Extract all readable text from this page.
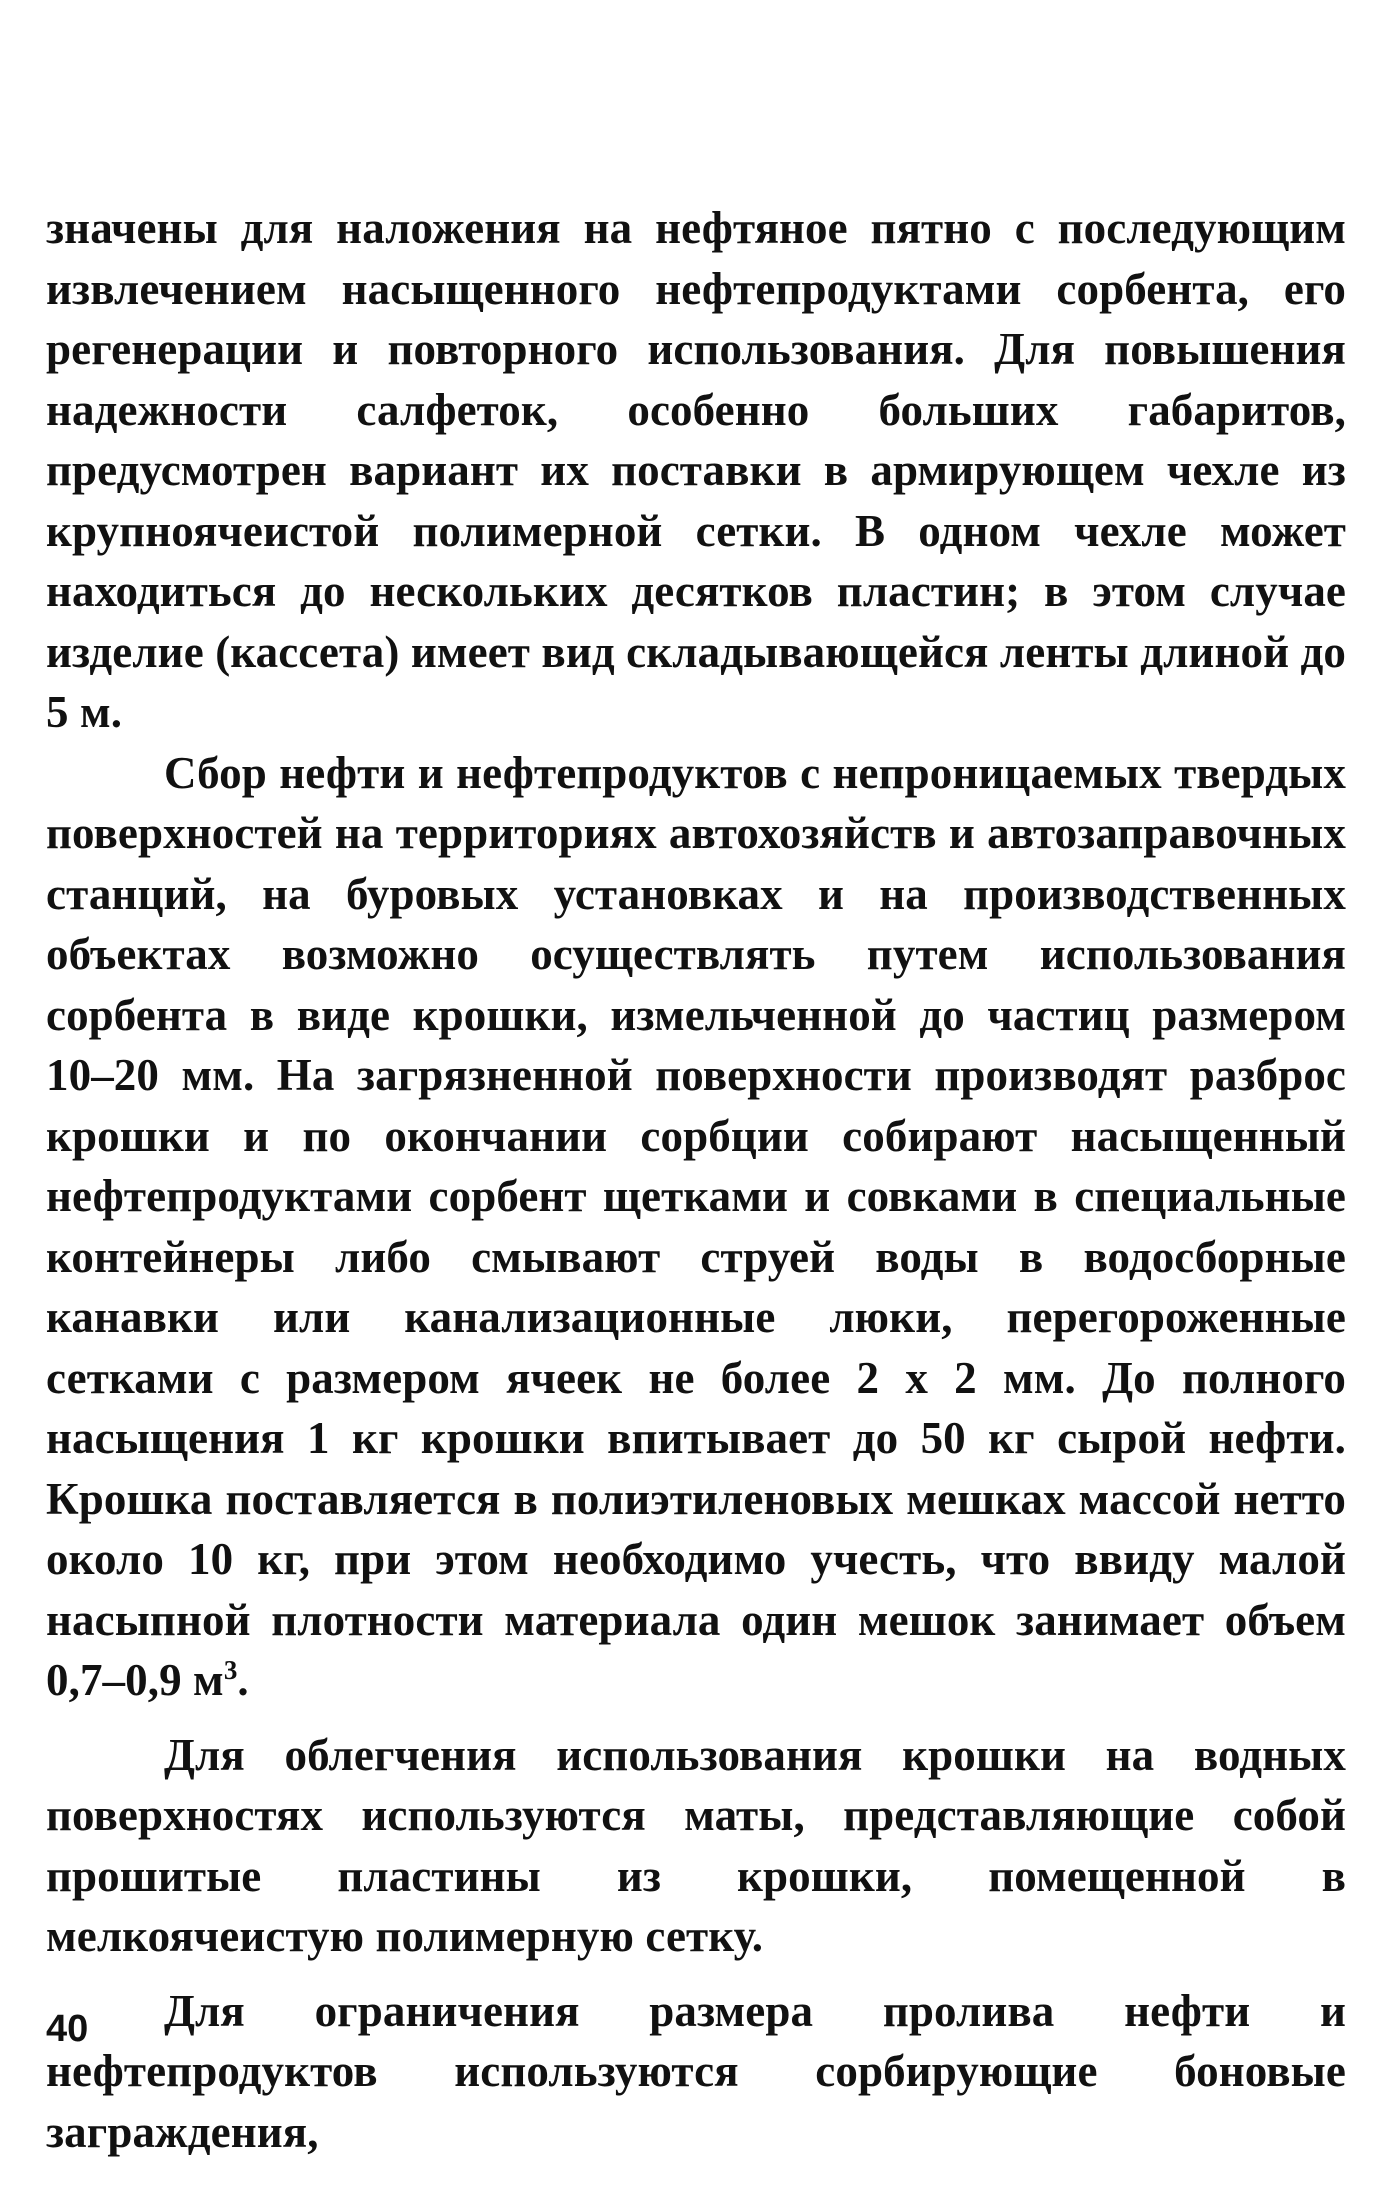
значены для наложения на нефтяное пятно с последующим извлечением насыщенного нефтепродуктами сорбента, его регенерации и повторного использования. Для повышения надежности салфеток, особенно больших габаритов, предусмотрен вариант их поставки в армирующем чехле из крупноячеистой полимерной сетки. В одном чехле может находиться до нескольких десятков пластин; в этом случае изделие (кассета) имеет вид складывающейся ленты длиной до 5 м.

Сбор нефти и нефтепродуктов с непроницаемых твердых поверхностей на территориях автохозяйств и автозаправочных станций, на буровых установках и на производственных объектах возможно осуществлять путем использования сорбента в виде крошки, измельченной до частиц размером 10–20 мм. На загрязненной поверхности производят разброс крошки и по окончании сорбции собирают насыщенный нефтепродуктами сорбент щетками и совками в специальные контейнеры либо смывают струей воды в водосборные канавки или канализационные люки, перегороженные сетками с размером ячеек не более 2 х 2 мм. До полного насыщения 1 кг крошки впитывает до 50 кг сырой нефти. Крошка поставляется в полиэтиленовых мешках массой нетто около 10 кг, при этом необходимо учесть, что ввиду малой насыпной плотности материала один мешок занимает объем 0,7–0,9 $м^3$.

Для облегчения использования крошки на водных поверхностях используются маты, представляющие собой прошитые пластины из крошки, помещенной в мелкоячеистую полимерную сетку.

Для ограничения размера пролива нефти и нефтепродуктов используются сорбирующие боновые заграждения,

40
